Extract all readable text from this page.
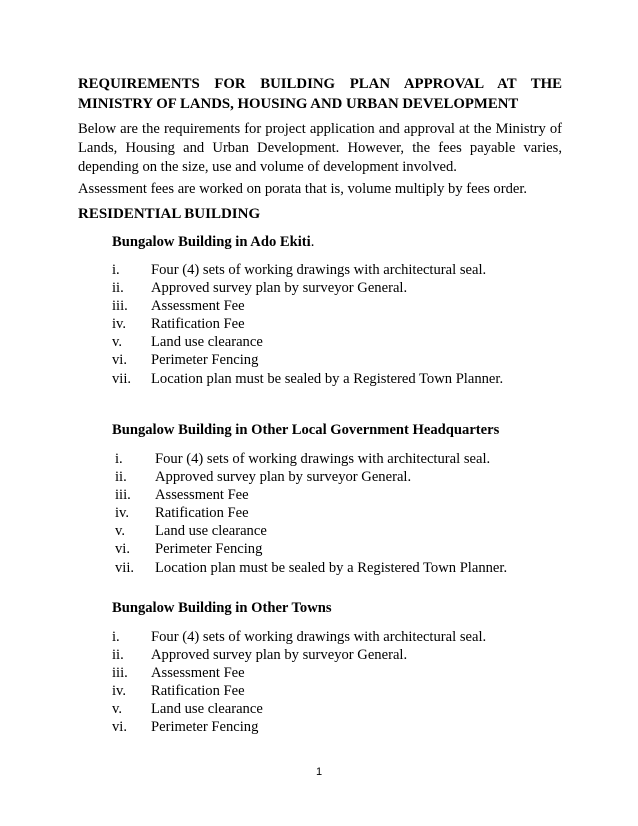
REQUIREMENTS FOR BUILDING PLAN APPROVAL AT THE
MINISTRY OF LANDS, HOUSING AND URBAN DEVELOPMENT
Below are the requirements for project application and approval at the Ministry of Lands, Housing and Urban Development. However, the fees payable varies, depending on the size, use and volume of development involved.
Assessment fees are worked on porata that is, volume multiply by fees order.
RESIDENTIAL BUILDING
Bungalow Building in Ado Ekiti.
i. Four (4) sets of working drawings with architectural seal.
ii. Approved survey plan by surveyor General.
iii. Assessment Fee
iv. Ratification Fee
v. Land use clearance
vi. Perimeter Fencing
vii. Location plan must be sealed by a Registered Town Planner.
Bungalow Building in Other Local Government Headquarters
i. Four (4) sets of working drawings with architectural seal.
ii. Approved survey plan by surveyor General.
iii. Assessment Fee
iv. Ratification Fee
v. Land use clearance
vi. Perimeter Fencing
vii. Location plan must be sealed by a Registered Town Planner.
Bungalow Building in Other Towns
i. Four (4) sets of working drawings with architectural seal.
ii. Approved survey plan by surveyor General.
iii. Assessment Fee
iv. Ratification Fee
v. Land use clearance
vi. Perimeter Fencing
1
